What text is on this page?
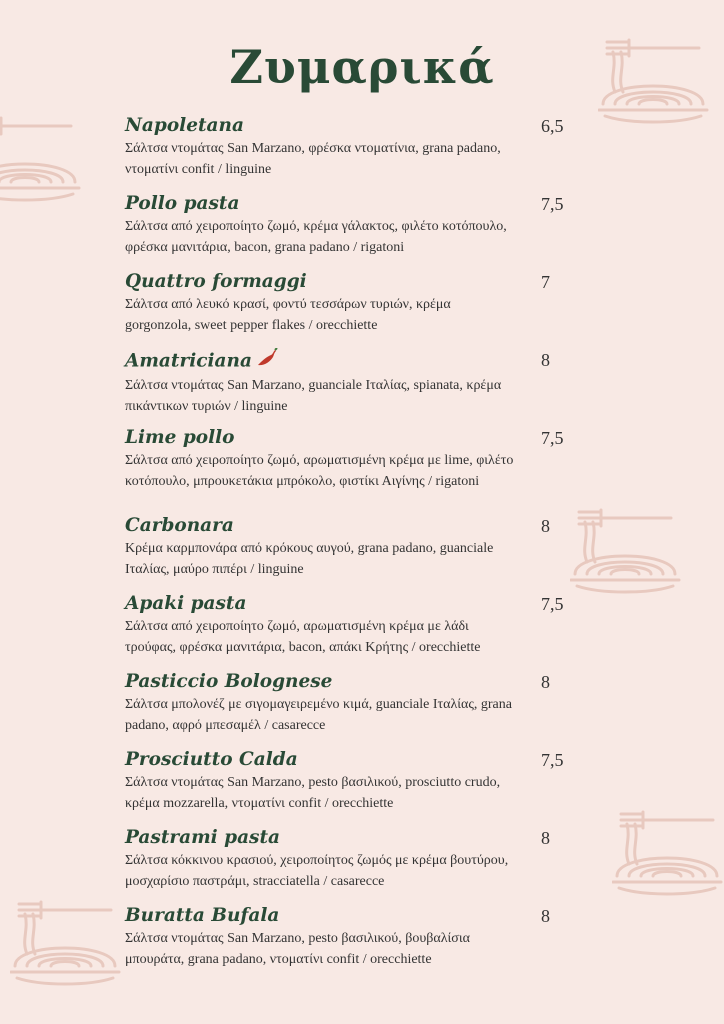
Ζυμαρικά
Napoletana
Σάλτσα ντομάτας San Marzano, φρέσκα ντοματίνια, grana padano, ντοματίνι confit / linguine
6,5
Pollo pasta
Σάλτσα από χειροποίητο ζωμό, κρέμα γάλακτος, φιλέτο κοτόπουλο, φρέσκα μανιτάρια, bacon, grana padano / rigatoni
7,5
Quattro formaggi
Σάλτσα από λευκό κρασί, φοντύ τεσσάρων τυριών, κρέμα gorgonzola, sweet pepper flakes / orecchiette
7
Amatriciana
Σάλτσα ντομάτας San Marzano, guanciale Ιταλίας, spianata, κρέμα πικάντικων τυριών / linguine
8
Lime pollo
Σάλτσα από χειροποίητο ζωμό, αρωματισμένη κρέμα με lime, φιλέτο κοτόπουλο, μπρουκετάκια μπρόκολο, φιστίκι Αιγίνης / rigatoni
7,5
Carbonara
Κρέμα καρμπονάρα από κρόκους αυγού, grana padano, guanciale Ιταλίας, μαύρο πιπέρι / linguine
8
Apaki pasta
Σάλτσα από χειροποίητο ζωμό, αρωματισμένη κρέμα με λάδι τρούφας, φρέσκα μανιτάρια, bacon, απάκι Κρήτης / orecchiette
7,5
Pasticcio Bolognese
Σάλτσα μπολονέζ με σιγομαγειρεμένο κιμά, guanciale Ιταλίας, grana padano, αφρό μπεσαμέλ / casarecce
8
Prosciutto Calda
Σάλτσα ντομάτας San Marzano, pesto βασιλικού, prosciutto crudo, κρέμα mozzarella, ντοματίνι confit / orecchiette
7,5
Pastrami pasta
Σάλτσα κόκκινου κρασιού, χειροποίητος ζωμός με κρέμα βουτύρου, μοσχαρίσιο παστράμι, stracciatella / casarecce
8
Buratta Bufala
Σάλτσα ντομάτας San Marzano, pesto βασιλικού, βουβαλίσια μπουράτα, grana padano, ντοματίνι confit / orecchiette
8
